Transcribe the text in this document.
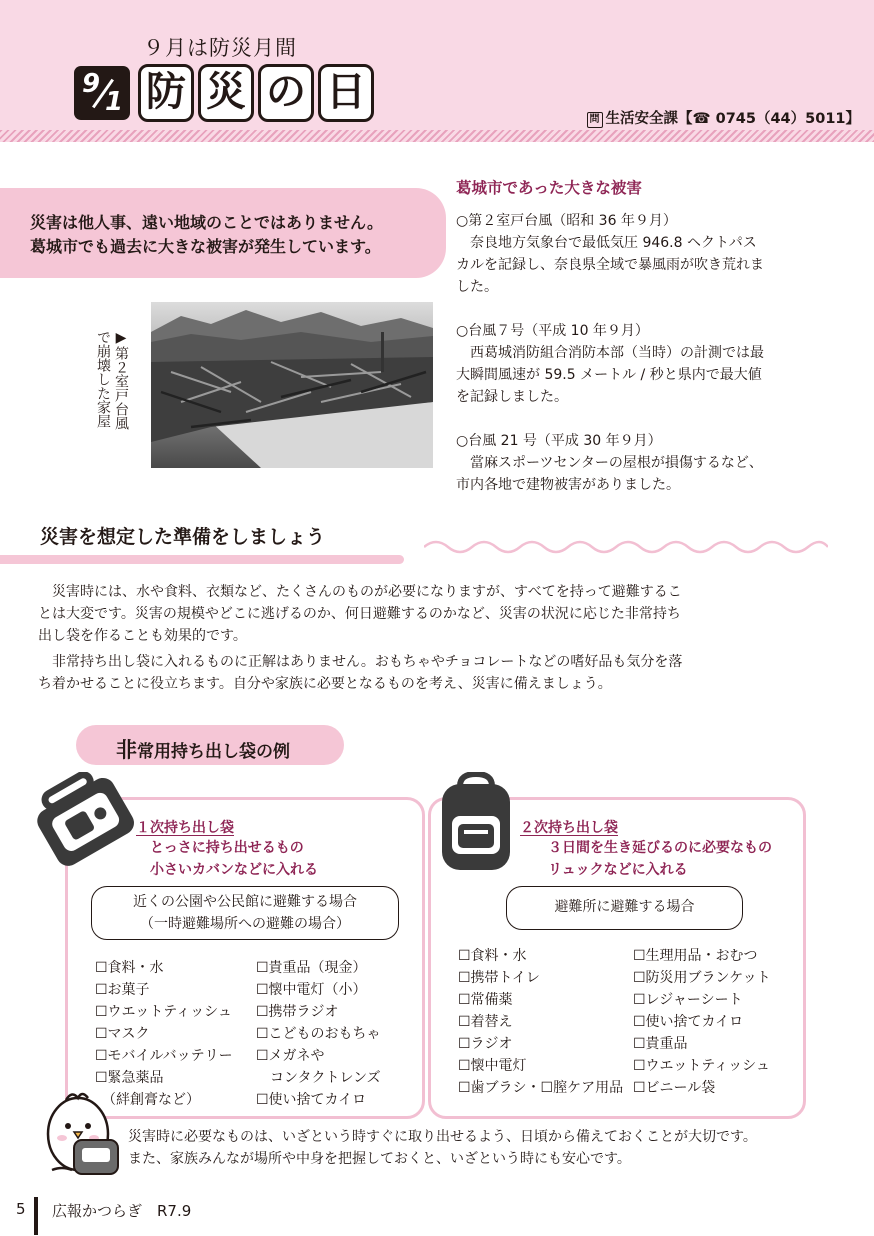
９月は防災月間
9
1 防 災 の 日
問 生活安全課【☎ 0745（44）5011】

災害は他人事、遠い地域のことではありません。

葛城市でも過去に大きな被害が発生しています。

▶第２室戸台風で崩壊した家屋
葛城市であった大きな被害
○第２室戸台風（昭和 36 年９月）
　奈良地方気象台で最低気圧 946.8 ヘクトパス
カルを記録し、奈良県全域で暴風雨が吹き荒れま
した。
○台風７号（平成 10 年９月）
　西葛城消防組合消防本部（当時）の計測では最
大瞬間風速が 59.5 メートル / 秒と県内で最大値
を記録しました。
○台風 21 号（平成 30 年９月）
　當麻スポーツセンターの屋根が損傷するなど、
市内各地で建物被害がありました。
災害を想定した準備をしましょう
　災害時には、水や食料、衣類など、たくさんのものが必要になりますが、すべてを持って避難するこ
とは大変です。災害の規模やどこに逃げるのか、何日避難するのかなど、災害の状況に応じた非常持ち
出し袋を作ることも効果的です。
　非常持ち出し袋に入れるものに正解はありません。おもちゃやチョコレートなどの嗜好品も気分を落
ち着かせることに役立ちます。自分や家族に必要となるものを考え、災害に備えましょう。
非常用持ち出し袋の例
１次持ち出し袋
とっさに持ち出せるもの
小さいカバンなどに入れる
近くの公園や公民館に避難する場合
（一時避難場所への避難の場合）
☐食料・水
☐お菓子
☐ウエットティッシュ
☐マスク
☐モバイルバッテリー
☐緊急薬品
　（絆創膏など）
☐貴重品（現金）
☐懐中電灯（小）
☐携帯ラジオ
☐こどものおもちゃ
☐メガネや
　コンタクトレンズ
☐使い捨てカイロ
２次持ち出し袋
３日間を生き延びるのに必要なもの
リュックなどに入れる
避難所に避難する場合
☐食料・水
☐携帯トイレ
☐常備薬
☐着替え
☐ラジオ
☐懐中電灯
☐歯ブラシ・☐膣ケア用品
☐生理用品・おむつ
☐防災用ブランケット
☐レジャーシート
☐使い捨てカイロ
☐貴重品
☐ウエットティッシュ
☐ビニール袋
災害時に必要なものは、いざという時すぐに取り出せるよう、日頃から備えておくことが大切です。
また、家族みんなが場所や中身を把握しておくと、いざという時にも安心です。
5 広報かつらぎ　R7.9
